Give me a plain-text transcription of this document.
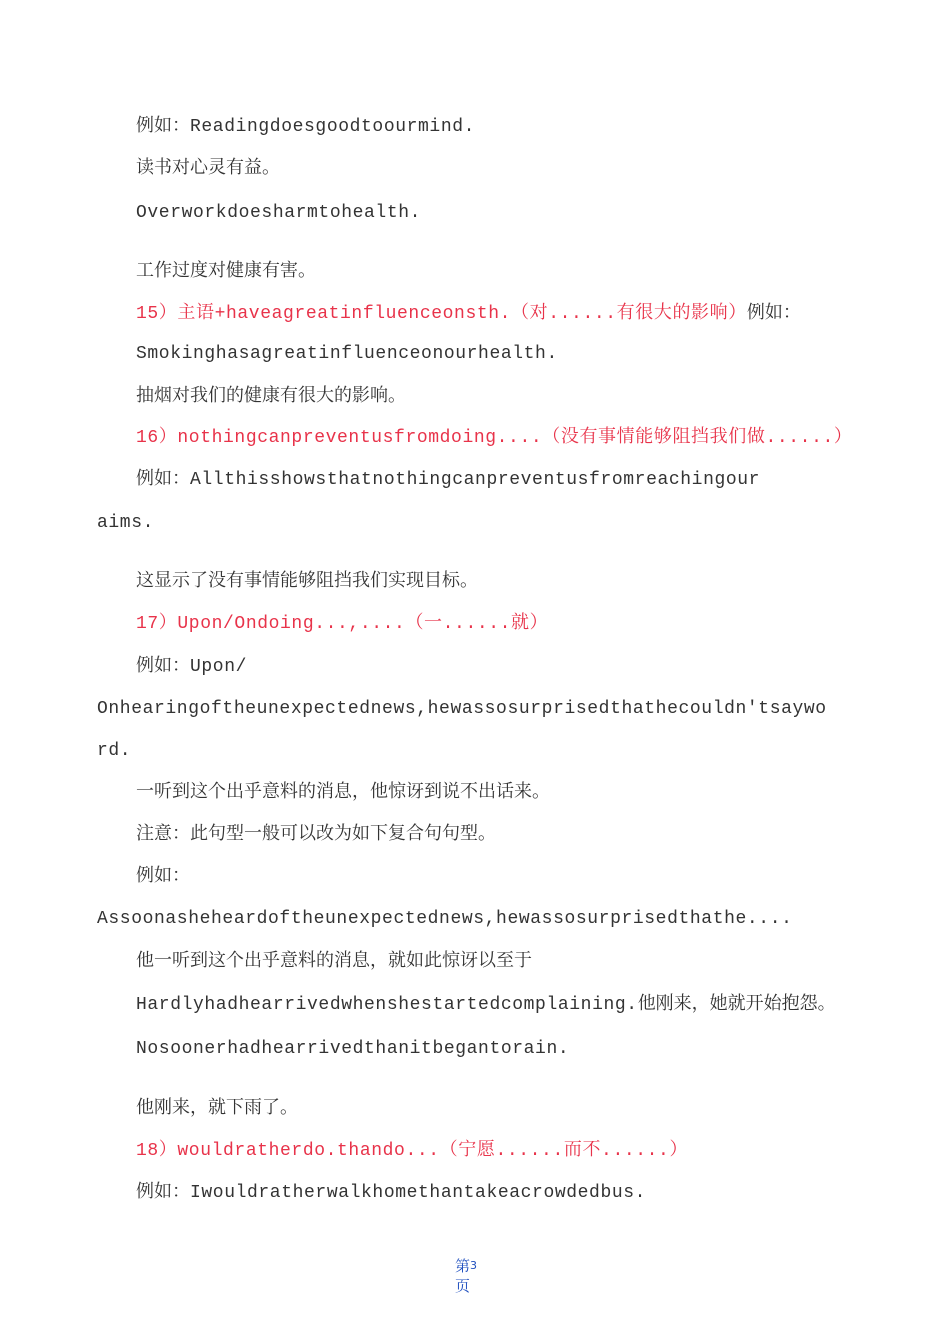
例如：Readingdoesgoodtoourmind.
读书对心灵有益。
Overworkdoesharmtohealth.
工作过度对健康有害。
15）主语+haveagreatinfluenceonsth.（对......有很大的影响）例如：
Smokinghasagreatinfluenceonourhealth.
抽烟对我们的健康有很大的影响。
16）nothingcanpreventusfromdoing....（没有事情能够阻挡我们做......）
例如：Allthisshowsthatnothingcanpreventusfromreachingour
aims.
这显示了没有事情能够阻挡我们实现目标。
17）Upon/Ondoing...,....（一......就）
例如：Upon/
Onhearingoftheunexpectednews,hewassosurprisedthathecouldn'tsaywo
rd.
一听到这个出乎意料的消息，他惊讶到说不出话来。
注意：此句型一般可以改为如下复合句句型。
例如：
Assoonasheheardoftheunexpectednews,hewassosurprisedthathe....
他一听到这个出乎意料的消息，就如此惊讶以至于
Hardlyhadhearrivedwhenshestartedcomplaining.他刚来，她就开始抱怨。
Nosoonerhadhearrivedthanitbegantorain.
他刚来，就下雨了。
18）wouldratherdo.thando...（宁愿......而不......）
例如：Iwouldratherwalkhomethantakeacrowdedbus.
第$^3$
页
